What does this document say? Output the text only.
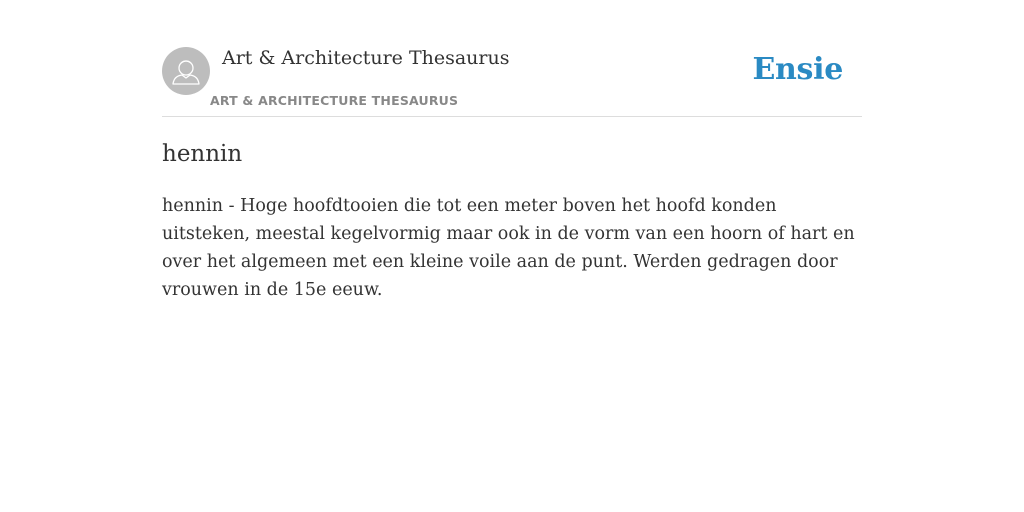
Art & Architecture Thesaurus
ART & ARCHITECTURE THESAURUS
Ensie
hennin

hennin - Hoge hoofdtooien die tot een meter boven het hoofd konden uitsteken, meestal kegelvormig maar ook in de vorm van een hoorn of hart en over het algemeen met een kleine voile aan de punt. Werden gedragen door vrouwen in de 15e eeuw.
